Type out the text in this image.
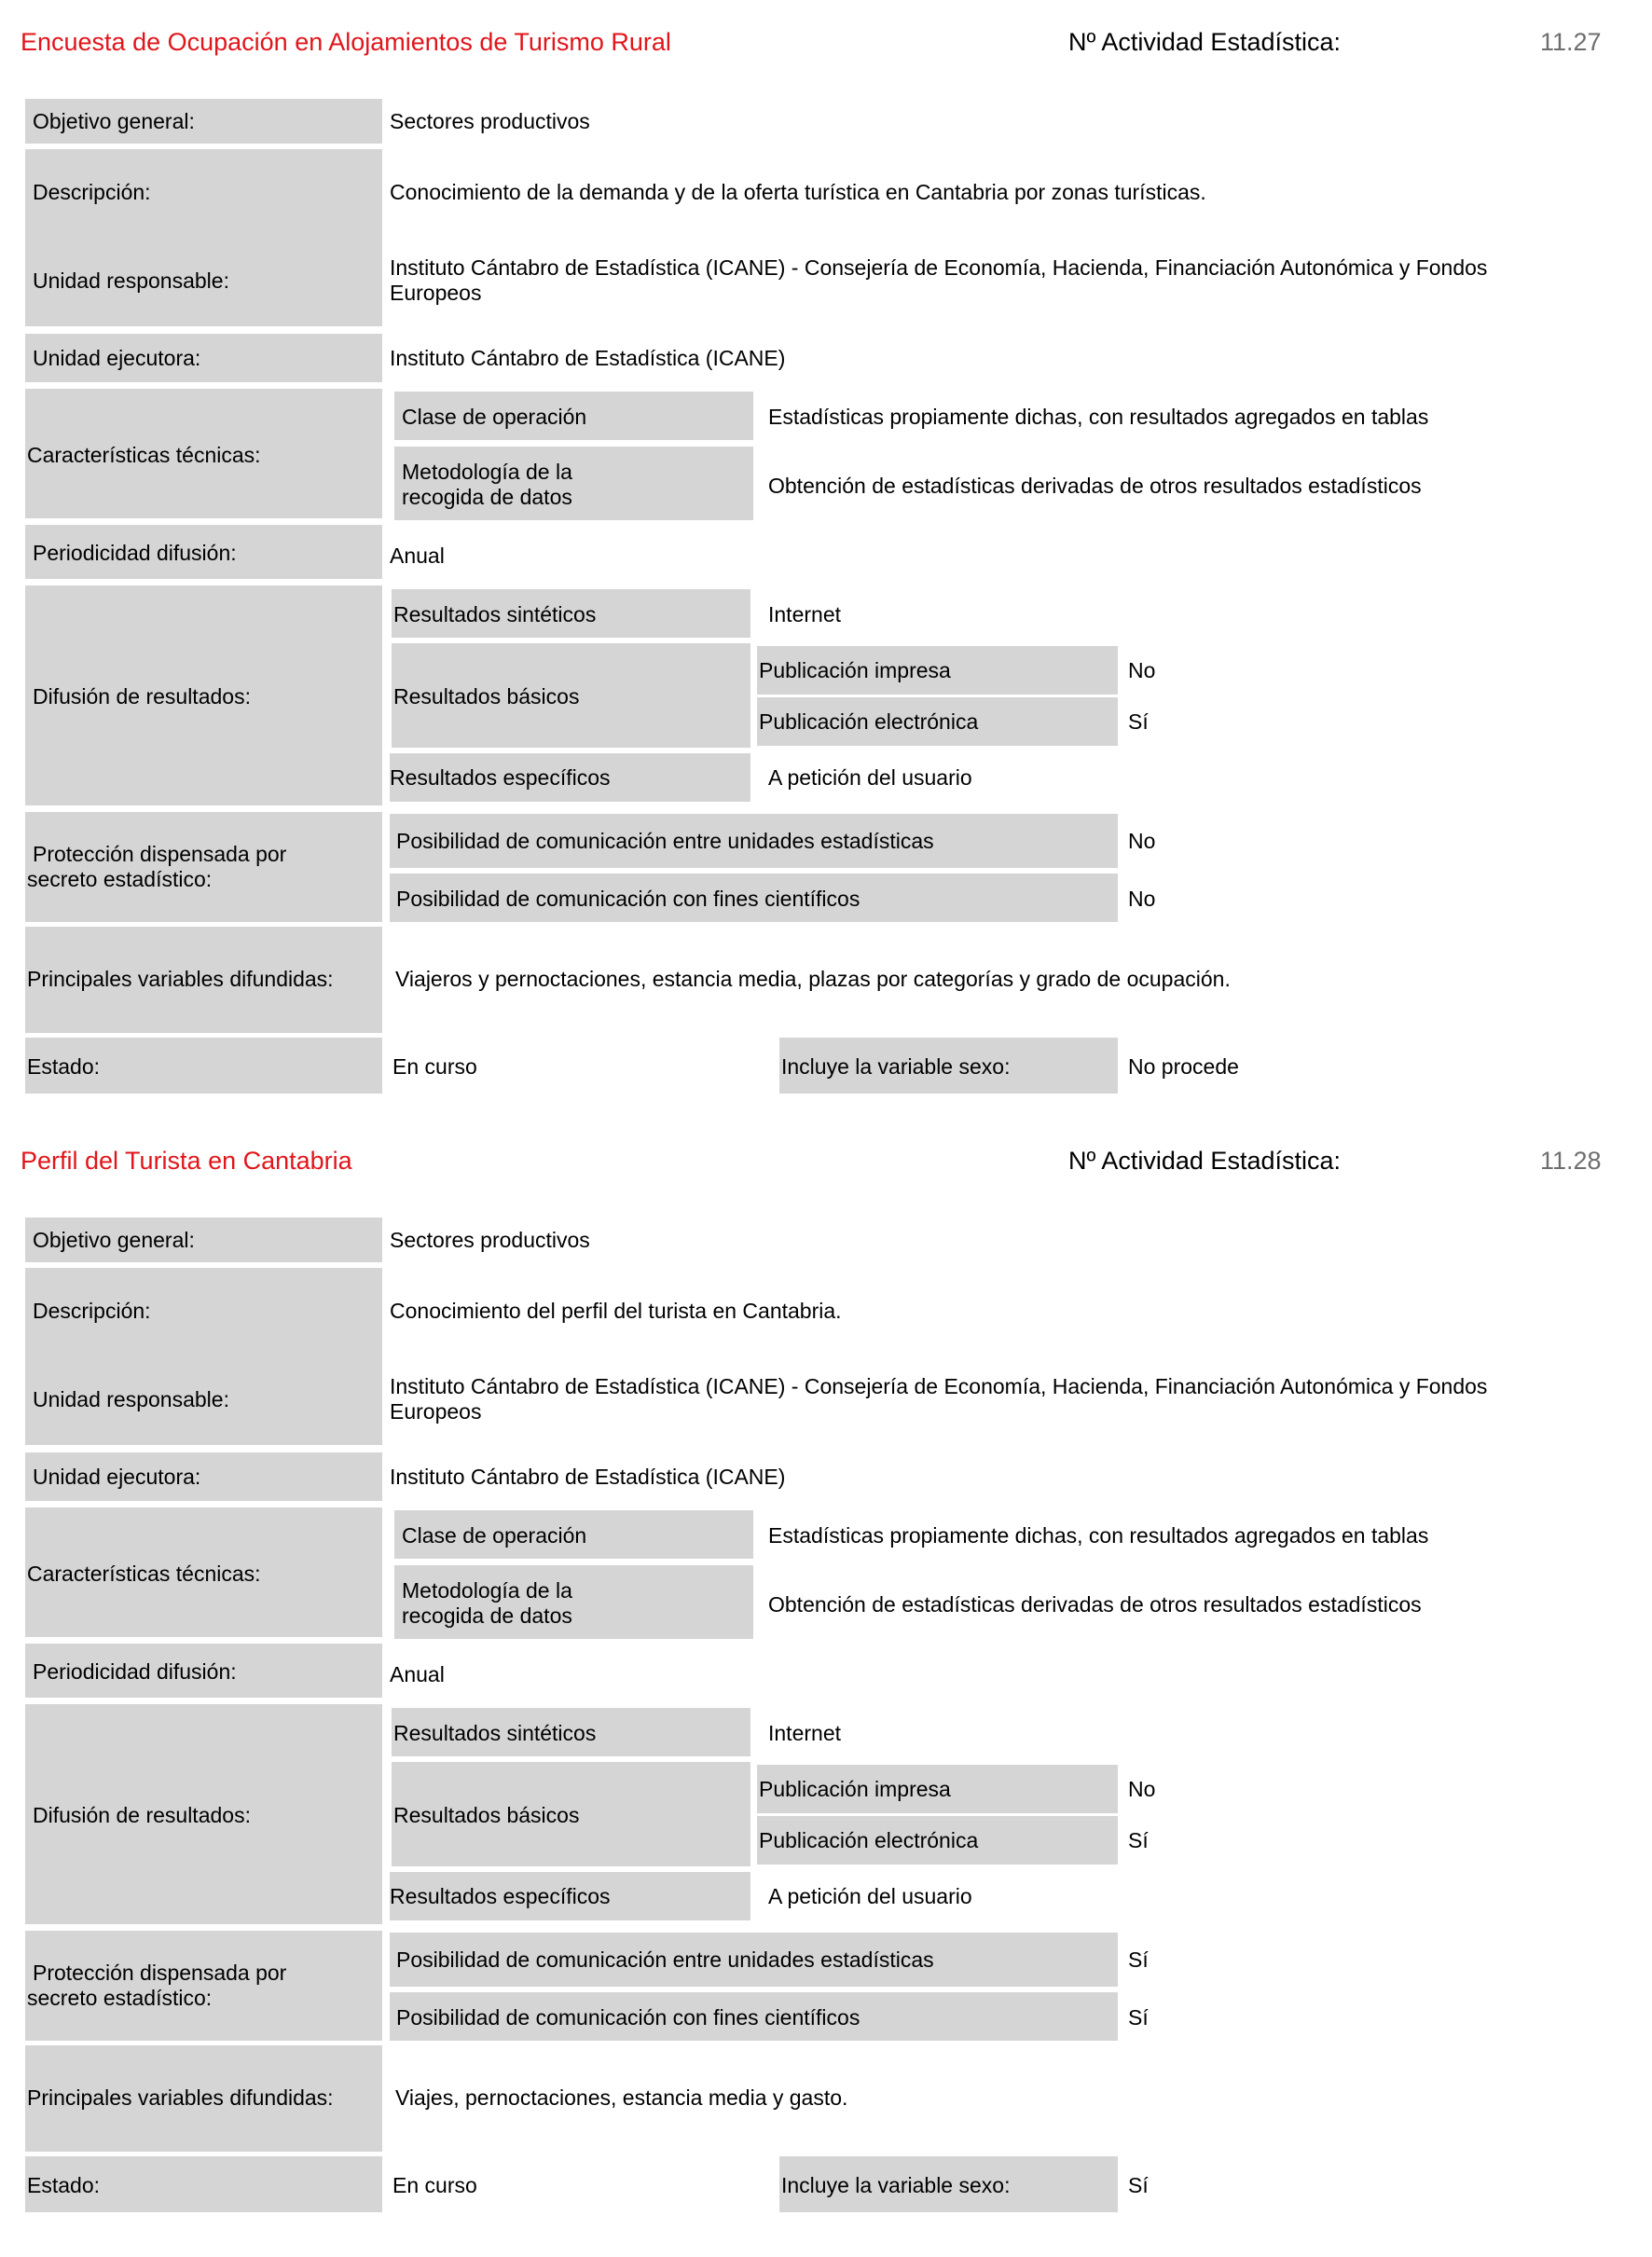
Encuesta de Ocupación en Alojamientos de Turismo Rural	Nº Actividad Estadística:	11.27
Objetivo general:	Sectores productivos
Descripción:	Conocimiento de la demanda y de la oferta turística en Cantabria por zonas turísticas.
Unidad responsable:
Instituto Cántabro de Estadística (ICANE) - Consejería de Economía, Hacienda, Financiación Autonómica y Fondos
Europeos
Unidad ejecutora:	Instituto Cántabro de Estadística (ICANE)
Características técnicas:
Clase de operación	Estadísticas propiamente dichas, con resultados agregados en tablas
Metodología de la
recogida de datos	Obtención de estadísticas derivadas de otros resultados estadísticos
Periodicidad difusión:	Anual
Difusión de resultados:
Resultados sintéticos	Internet
Resultados básicos
Publicación impresa	No
Publicación electrónica	Sí
Resultados específicos	A petición del usuario
Protección dispensada por
secreto estadístico:
Posibilidad de comunicación entre unidades estadísticas	No
Posibilidad de comunicación con fines científicos	No
Principales variables difundidas:	Viajeros y pernoctaciones, estancia media, plazas por categorías y grado de ocupación.
Estado:	En curso	Incluye la variable sexo:	No procede
Perfil del Turista en Cantabria	Nº Actividad Estadística:	11.28
Objetivo general:	Sectores productivos
Descripción:	Conocimiento del perfil del turista en Cantabria.
Unidad responsable:
Instituto Cántabro de Estadística (ICANE) - Consejería de Economía, Hacienda, Financiación Autonómica y Fondos
Europeos
Unidad ejecutora:	Instituto Cántabro de Estadística (ICANE)
Características técnicas:
Clase de operación	Estadísticas propiamente dichas, con resultados agregados en tablas
Metodología de la
recogida de datos	Obtención de estadísticas derivadas de otros resultados estadísticos
Periodicidad difusión:	Anual
Difusión de resultados:
Resultados sintéticos	Internet
Resultados básicos
Publicación impresa	No
Publicación electrónica	Sí
Resultados específicos	A petición del usuario
Protección dispensada por
secreto estadístico:
Posibilidad de comunicación entre unidades estadísticas	Sí
Posibilidad de comunicación con fines científicos	Sí
Principales variables difundidas:	Viajes, pernoctaciones, estancia media y gasto.
Estado:	En curso	Incluye la variable sexo:	Sí
